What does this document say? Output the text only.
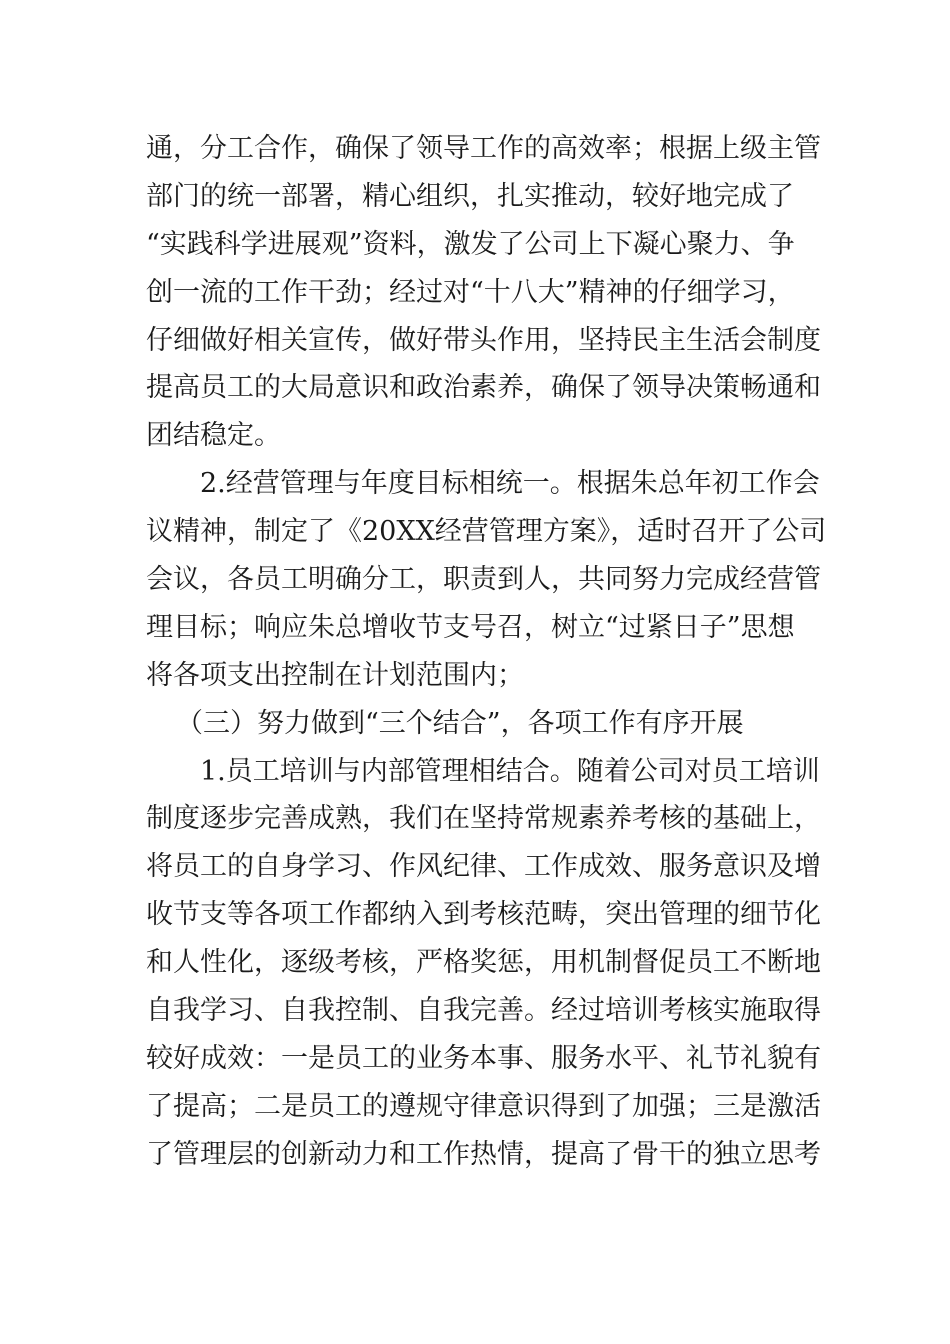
通，分工合作，确保了领导工作的高效率；根据上级主管
部门的统一部署，精心组织，扎实推动，较好地完成了
“实践科学进展观”资料，激发了公司上下凝心聚力、争
创一流的工作干劲；经过对“十八大”精神的仔细学习，
仔细做好相关宣传，做好带头作用，坚持民主生活会制度
提高员工的大局意识和政治素养，确保了领导决策畅通和
团结稳定。
2.经营管理与年度目标相统一。根据朱总年初工作会
议精神，制定了《20XX经营管理方案》，适时召开了公司
会议，各员工明确分工，职责到人，共同努力完成经营管
理目标；响应朱总增收节支号召，树立“过紧日子”思想
将各项支出控制在计划范围内；
（三）努力做到“三个结合”，各项工作有序开展
1.员工培训与内部管理相结合。随着公司对员工培训
制度逐步完善成熟，我们在坚持常规素养考核的基础上，
将员工的自身学习、作风纪律、工作成效、服务意识及增
收节支等各项工作都纳入到考核范畴，突出管理的细节化
和人性化，逐级考核，严格奖惩，用机制督促员工不断地
自我学习、自我控制、自我完善。经过培训考核实施取得
较好成效：一是员工的业务本事、服务水平、礼节礼貌有
了提高；二是员工的遵规守律意识得到了加强；三是激活
了管理层的创新动力和工作热情，提高了骨干的独立思考
